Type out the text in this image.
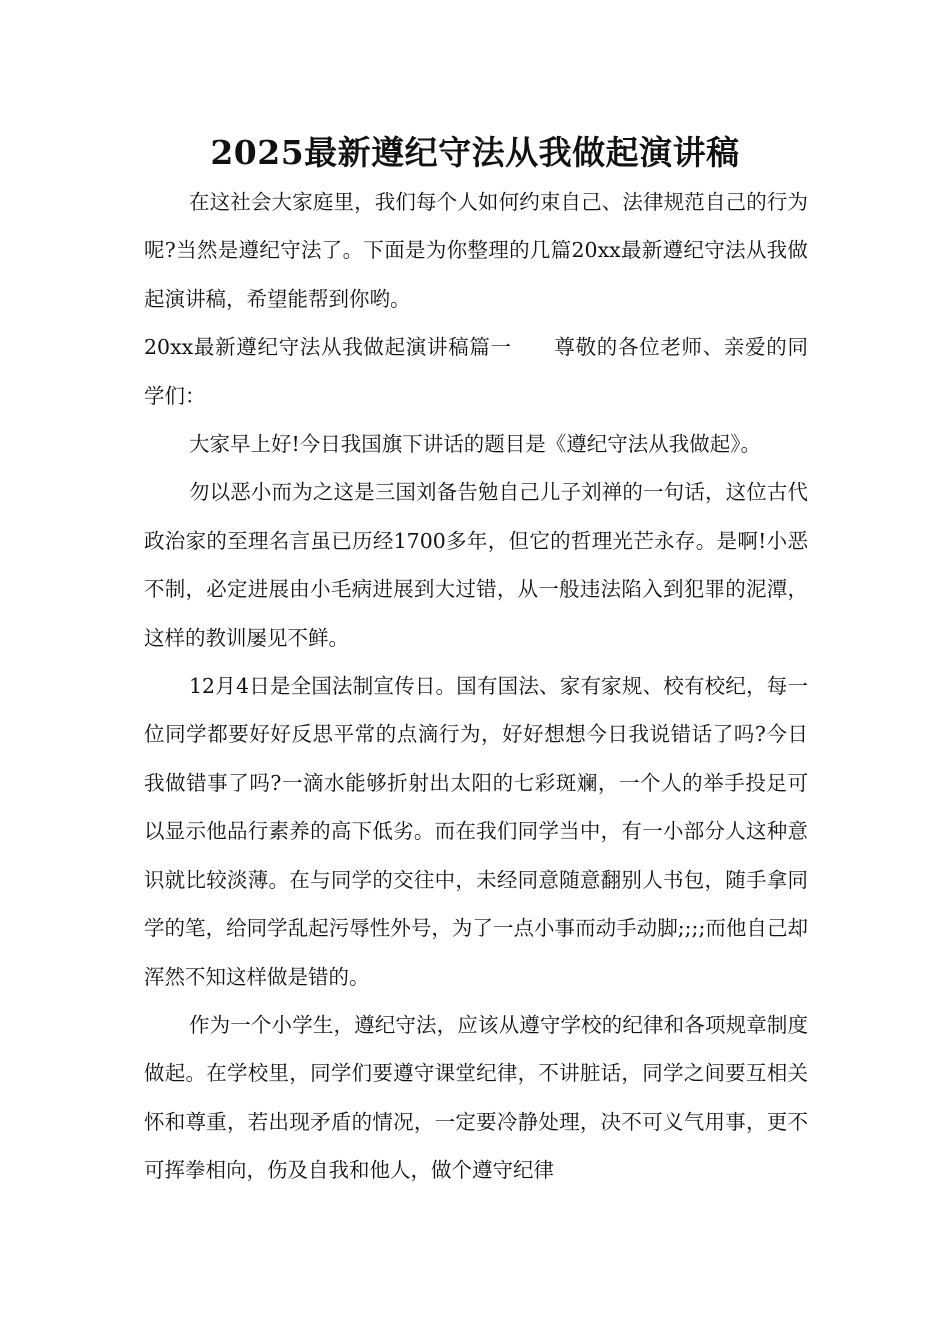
2025最新遵纪守法从我做起演讲稿

在这社会大家庭里，我们每个人如何约束自己、法律规范自己的行为呢?当然是遵纪守法了。下面是为你整理的几篇20xx最新遵纪守法从我做起演讲稿，希望能帮到你哟。

20xx最新遵纪守法从我做起演讲稿篇一 尊敬的各位老师、亲爱的同学们：

大家早上好!今日我国旗下讲话的题目是《遵纪守法从我做起》。

勿以恶小而为之这是三国刘备告勉自己儿子刘禅的一句话，这位古代政治家的至理名言虽已历经1700多年，但它的哲理光芒永存。是啊!小恶不制，必定进展由小毛病进展到大过错，从一般违法陷入到犯罪的泥潭，这样的教训屡见不鲜。

12月4日是全国法制宣传日。国有国法、家有家规、校有校纪，每一位同学都要好好反思平常的点滴行为，好好想想今日我说错话了吗?今日我做错事了吗?一滴水能够折射出太阳的七彩斑斓，一个人的举手投足可以显示他品行素养的高下低劣。而在我们同学当中，有一小部分人这种意识就比较淡薄。在与同学的交往中，未经同意随意翻别人书包，随手拿同学的笔，给同学乱起污辱性外号，为了一点小事而动手动脚;;;;而他自己却浑然不知这样做是错的。

作为一个小学生，遵纪守法，应该从遵守学校的纪律和各项规章制度做起。在学校里，同学们要遵守课堂纪律，不讲脏话，同学之间要互相关怀和尊重，若出现矛盾的情况，一定要冷静处理，决不可义气用事，更不可挥拳相向，伤及自我和他人，做个遵守纪律
